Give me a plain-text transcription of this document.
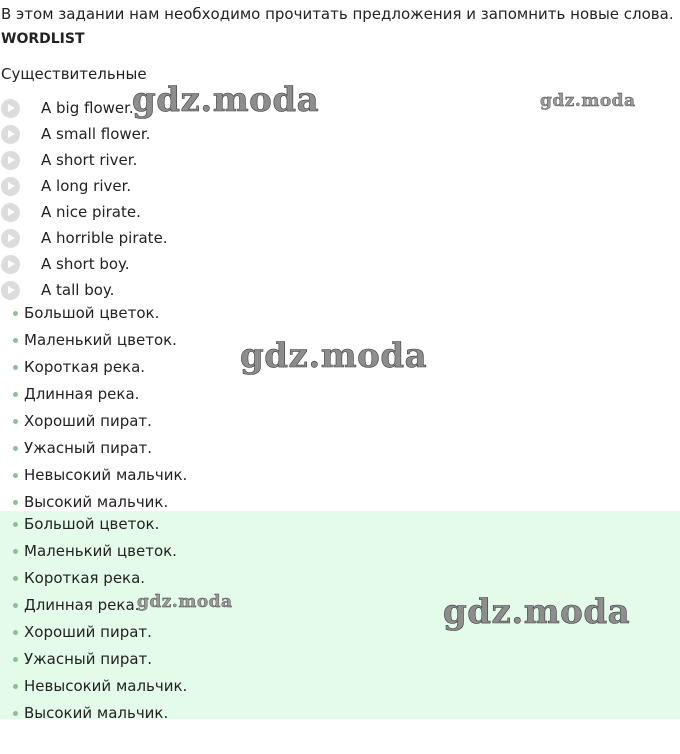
В этом задании нам необходимо прочитать предложения и запомнить новые слова.
WORDLIST
Существительные
A big flower.
A small flower.
A short river.
A long river.
A nice pirate.
A horrible pirate.
A short boy.
A tall boy.
Большой цветок.
Маленький цветок.
Короткая река.
Длинная река.
Хороший пират.
Ужасный пират.
Невысокий мальчик.
Высокий мальчик.
Большой цветок.
Маленький цветок.
Короткая река.
Длинная река.
Хороший пират.
Ужасный пират.
Невысокий мальчик.
Высокий мальчик.
gdz.moda	gdz.moda
gdz.moda
gdz.moda	gdz.moda
